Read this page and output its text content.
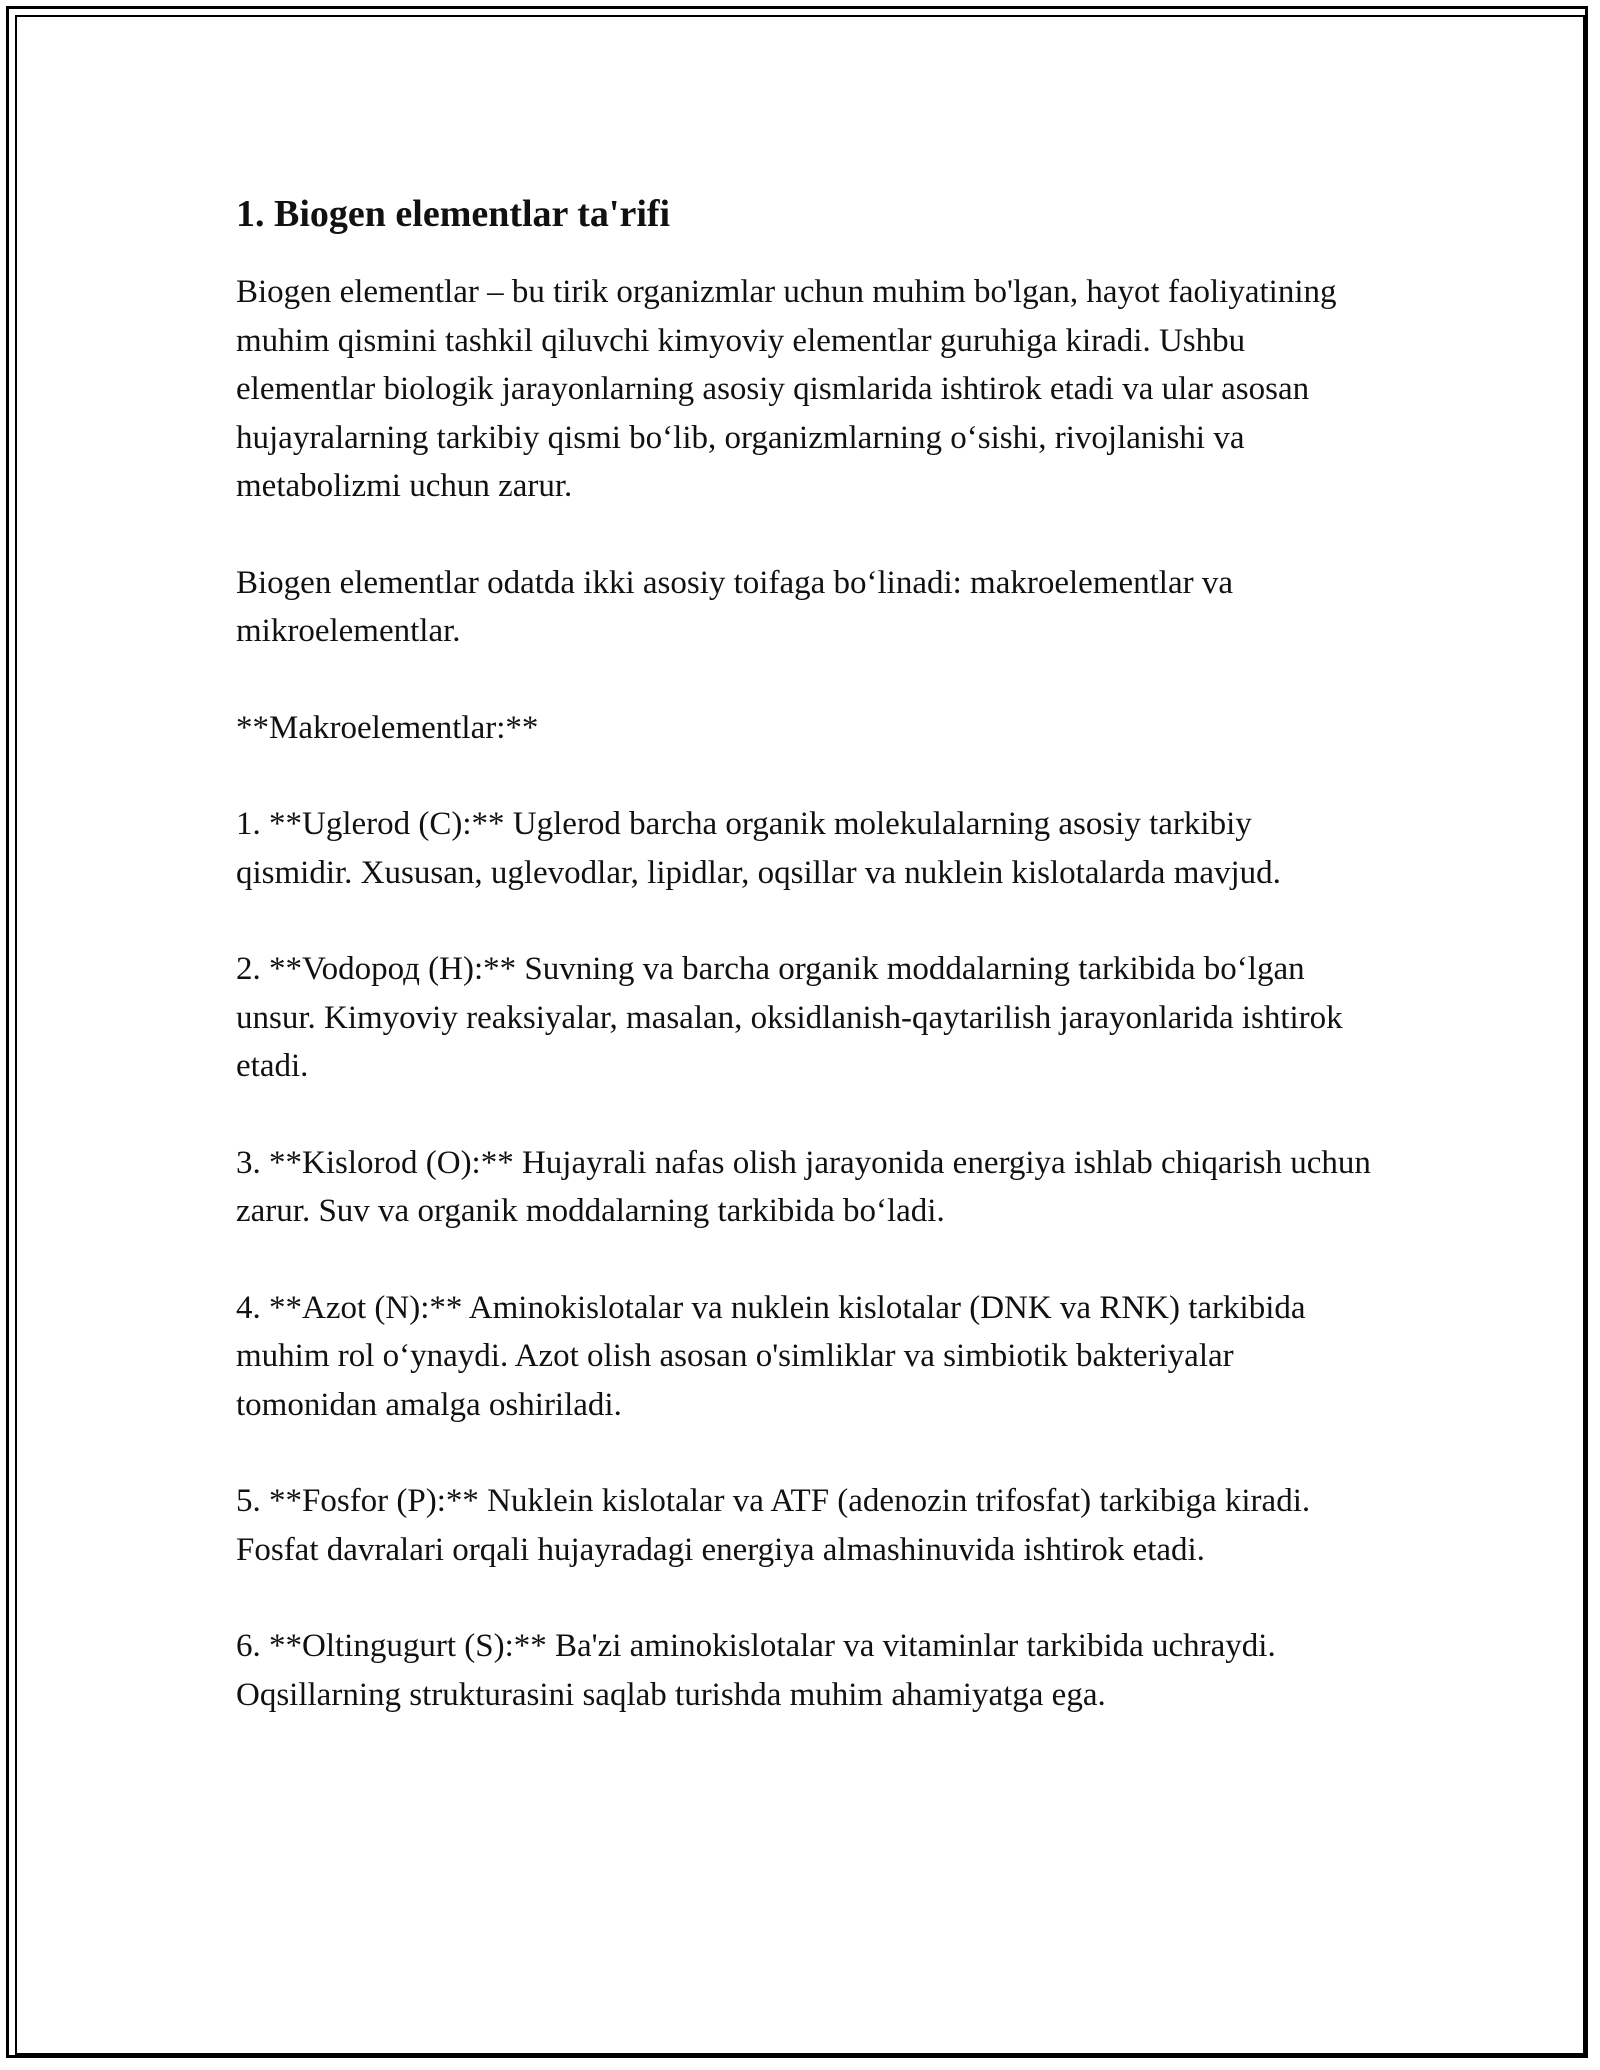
1. Biogen elementlar ta'rifi

Biogen elementlar – bu tirik organizmlar uchun muhim bo'lgan, hayot faoliyatining muhim qismini tashkil qiluvchi kimyoviy elementlar guruhiga kiradi. Ushbu elementlar biologik jarayonlarning asosiy qismlarida ishtirok etadi va ular asosan hujayralarning tarkibiy qismi bo‘lib, organizmlarning o‘sishi, rivojlanishi va metabolizmi uchun zarur.

Biogen elementlar odatda ikki asosiy toifaga bo‘linadi: makroelementlar va mikroelementlar.

**Makroelementlar:**

1. **Uglerod (C):** Uglerod barcha organik molekulalarning asosiy tarkibiy qismidir. Xususan, uglevodlar, lipidlar, oqsillar va nuklein kislotalarda mavjud.

2. **Vodoрод (H):** Suvning va barcha organik moddalarning tarkibida bo‘lgan unsur. Kimyoviy reaksiyalar, masalan, oksidlanish-qaytarilish jarayonlarida ishtirok etadi.

3. **Kislorod (O):** Hujayrali nafas olish jarayonida energiya ishlab chiqarish uchun zarur. Suv va organik moddalarning tarkibida bo‘ladi.

4. **Azot (N):** Aminokislotalar va nuklein kislotalar (DNK va RNK) tarkibida muhim rol o‘ynaydi. Azot olish asosan o'simliklar va simbiotik bakteriyalar tomonidan amalga oshiriladi.

5. **Fosfor (P):** Nuklein kislotalar va ATF (adenozin trifosfat) tarkibiga kiradi. Fosfat davralari orqali hujayradagi energiya almashinuvida ishtirok etadi.

6. **Oltingugurt (S):** Ba'zi aminokislotalar va vitaminlar tarkibida uchraydi. Oqsillarning strukturasini saqlab turishda muhim ahamiyatga ega.
